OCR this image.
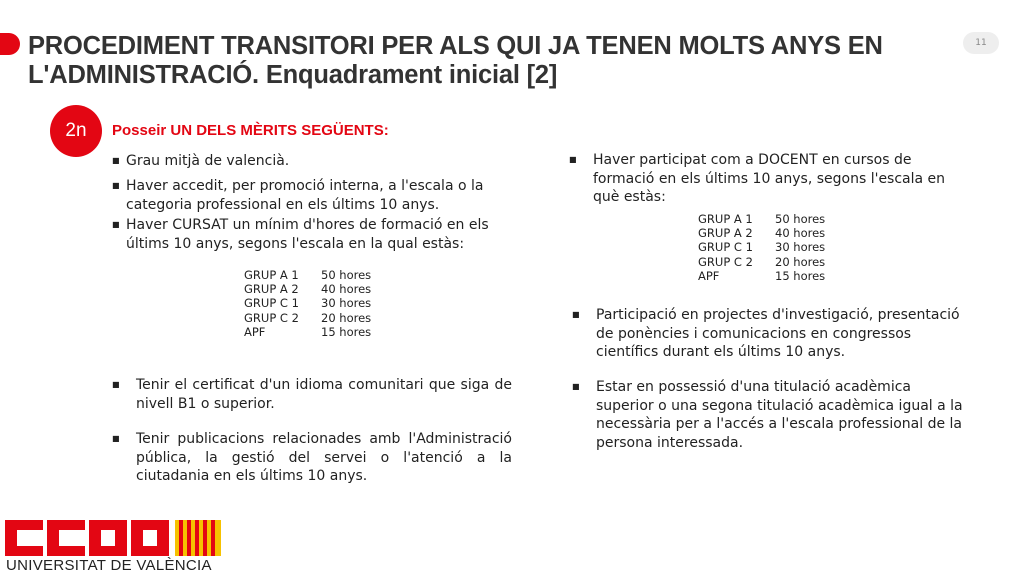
PROCEDIMENT TRANSITORI PER ALS QUI JA TENEN MOLTS ANYS EN L'ADMINISTRACIÓ. Enquadrament inicial [2]
11
2n	Posseir UN DELS MÈRITS SEGÜENTS:
■ Grau mitjà de valencià.
■ Haver accedit, per promoció interna, a l'escala o la categoria professional en els últims 10 anys.
■ Haver CURSAT un mínim d'hores de formació en els últims 10 anys, segons l'escala en la qual estàs:
GRUP A 1	50 hores
GRUP A 2	40 hores
GRUP C 1	30 hores
GRUP C 2	20 hores
APF	15 hores
■	Tenir el certificat d'un idioma comunitari que siga de nivell B1 o superior.
■	Tenir publicacions relacionades amb l'Administració pública, la gestió del servei o l'atenció a la ciutadania en els últims 10 anys.
■	Haver participat com a DOCENT en cursos de formació en els últims 10 anys, segons l'escala en què estàs:
GRUP A 1	50 hores
GRUP A 2	40 hores
GRUP C 1	30 hores
GRUP C 2	20 hores
APF	15 hores
■	Participació en projectes d'investigació, presentació de ponències i comunicacions en congressos científics durant els últims 10 anys.
■	Estar en possessió d'una titulació acadèmica superior o una segona titulació acadèmica igual a la necessària per a l'accés a l'escala professional de la persona interessada.
UNIVERSITAT DE VALÈNCIA
